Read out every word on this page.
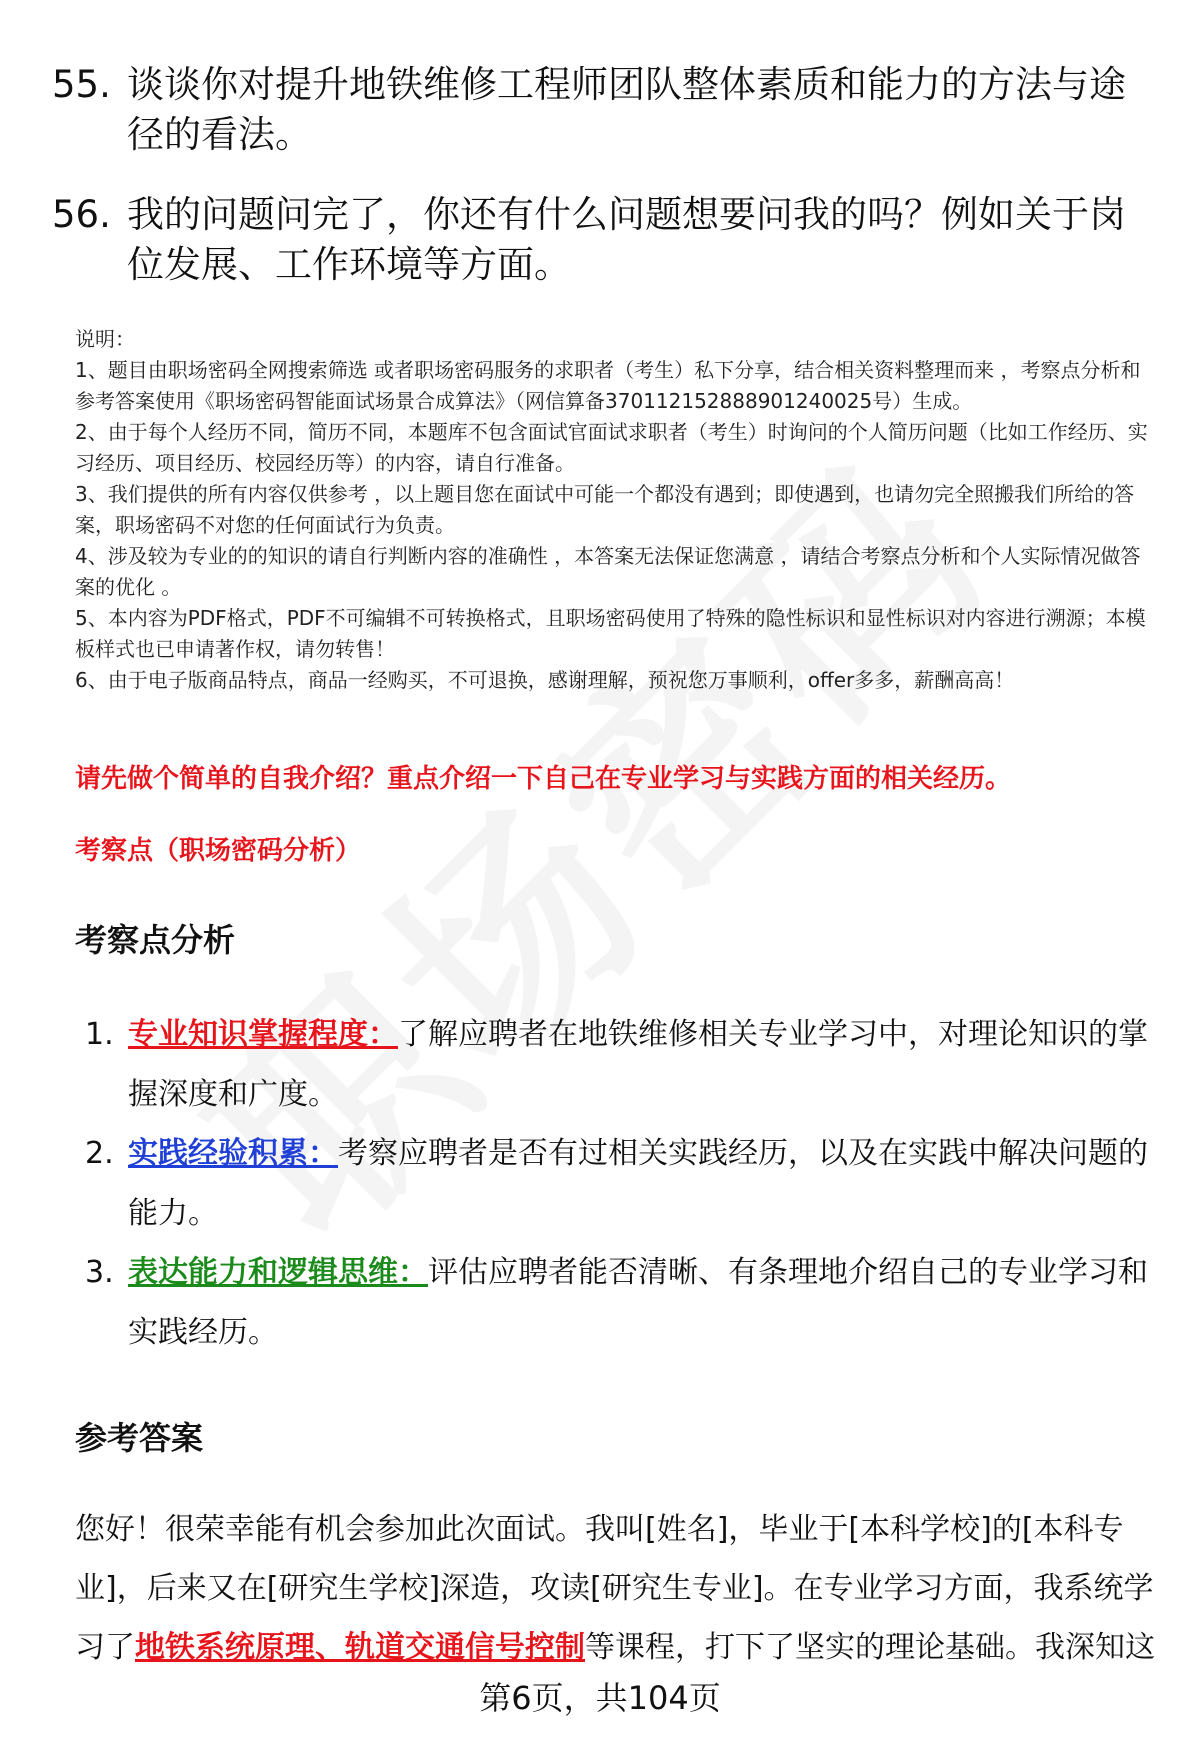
55. 谈谈你对提升地铁维修工程师团队整体素质和能力的方法与途径的看法。
56. 我的问题问完了，你还有什么问题想要问我的吗？例如关于岗位发展、工作环境等方面。

说明：

1、题目由职场密码全网搜索筛选 或者职场密码服务的求职者（考生）私下分享，结合相关资料整理而来 ，考察点分析和参考答案使用《职场密码智能面试场景合成算法》（网信算备370112152888901240025号）生成。

2、由于每个人经历不同，简历不同，本题库不包含面试官面试求职者（考生）时询问的个人简历问题（比如工作经历、实习经历、项目经历、校园经历等）的内容，请自行准备。

3、我们提供的所有内容仅供参考 ，以上题目您在面试中可能一个都没有遇到；即使遇到，也请勿完全照搬我们所给的答案，职场密码不对您的任何面试行为负责。

4、涉及较为专业的的知识的请自行判断内容的准确性 ，本答案无法保证您满意 ，请结合考察点分析和个人实际情况做答案的优化 。

5、本内容为PDF格式，PDF不可编辑不可转换格式，且职场密码使用了特殊的隐性标识和显性标识对内容进行溯源；本模板样式也已申请著作权，请勿转售！

6、由于电子版商品特点，商品一经购买，不可退换，感谢理解，预祝您万事顺利，offer多多，薪酬高高！

请先做个简单的自我介绍？重点介绍一下自己在专业学习与实践方面的相关经历。
考察点（职场密码分析）
考察点分析
1. 专业知识掌握程度：了解应聘者在地铁维修相关专业学习中，对理论知识的掌握深度和广度。
2. 实践经验积累：考察应聘者是否有过相关实践经历，以及在实践中解决问题的能力。
3. 表达能力和逻辑思维：评估应聘者能否清晰、有条理地介绍自己的专业学习和实践经历。
参考答案
您好！很荣幸能有机会参加此次面试。我叫[姓名]，毕业于[本科学校]的[本科专业]，后来又在[研究生学校]深造，攻读[研究生专业]。在专业学习方面，我系统学习了地铁系统原理、轨道交通信号控制等课程，打下了坚实的理论基础。我深知这
第6页，共104页
